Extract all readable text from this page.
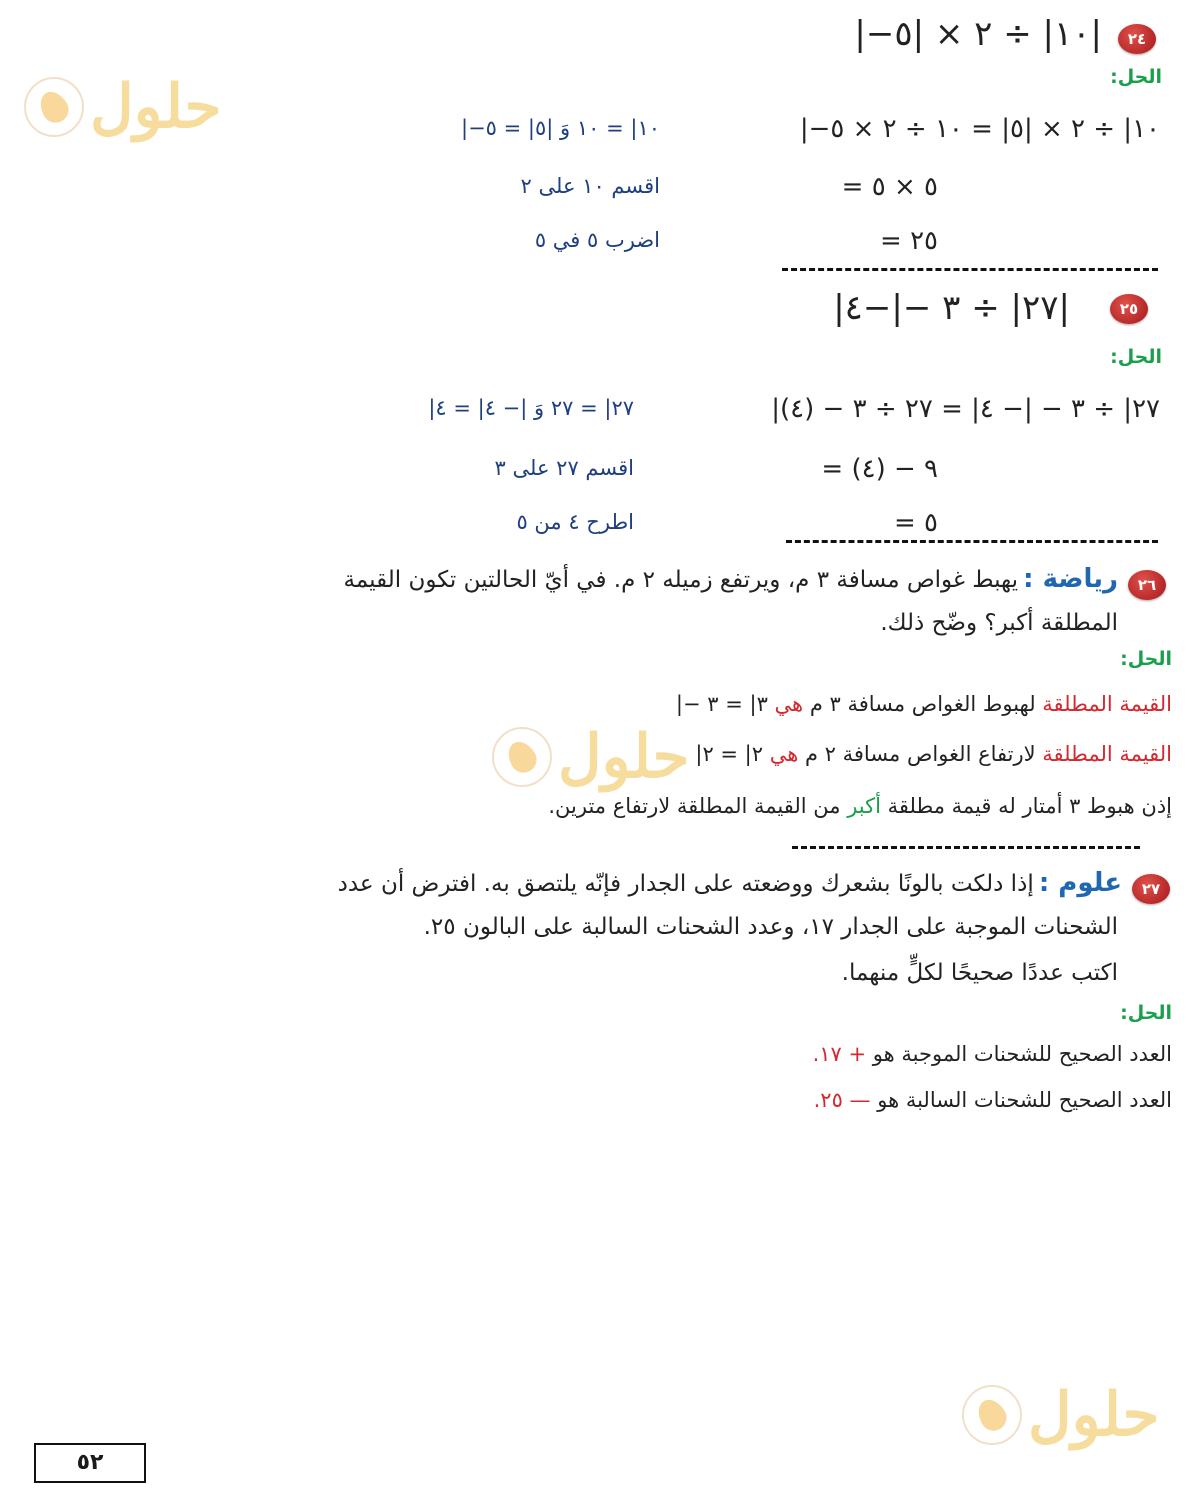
حلول
حلول
حلول
٢٤
|−١٠| ÷ ٢ × |٥|
الحل:
|−١٠| ÷ ٢ × |٥| = ١٠ ÷ ٢ × ٥
|−١٠| = ١٠ وَ |٥| = ٥
= ٥ × ٥
اقسم ١٠ على ٢
= ٢٥
اضرب ٥ في ٥
٢٥
|٢٧| ÷ ٣ −|−٤|
الحل:
|٢٧| ÷ ٣ − |− ٤| = ٢٧ ÷ ٣ − (٤)
|٢٧| = ٢٧ وَ |− ٤| = ٤
= ٩ − (٤)
اقسم ٢٧ على ٣
= ٥
اطرح ٤ من ٥
٢٦
رياضة : يهبط غواص مسافة ٣ م، ويرتفع زميله ٢ م. في أيّ الحالتين تكون القيمة
المطلقة أكبر؟ وضّح ذلك.
الحل:
القيمة المطلقة لهبوط الغواص مسافة ٣ م هي |− ٣| = ٣
القيمة المطلقة لارتفاع الغواص مسافة ٢ م هي |٢| = ٢
إذن هبوط ٣ أمتار له قيمة مطلقة أكبر من القيمة المطلقة لارتفاع مترين.
٢٧
علوم : إذا دلكت بالونًا بشعرك ووضعته على الجدار فإنّه يلتصق به. افترض أن عدد
الشحنات الموجبة على الجدار ١٧، وعدد الشحنات السالبة على البالون ٢٥.
اكتب عددًا صحيحًا لكلٍّ منهما.
الحل:
العدد الصحيح للشحنات الموجبة هو + ١٧.
العدد الصحيح للشحنات السالبة هو — ٢٥.
٥٢
